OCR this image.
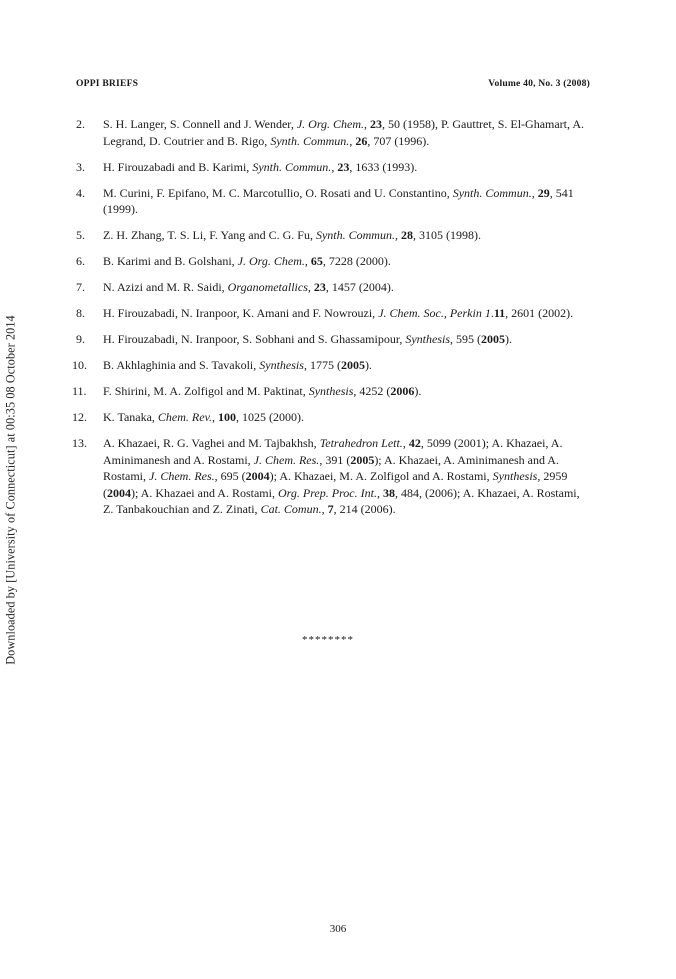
Downloaded by [University of Connecticut] at 00:35 08 October 2014
OPPI BRIEFS	Volume 40, No. 3 (2008)
2.	S. H. Langer, S. Connell and J. Wender, J. Org. Chem., 23, 50 (1958), P. Gauttret, S. El-Ghamart, A. Legrand, D. Coutrier and B. Rigo, Synth. Commun., 26, 707 (1996).
3.	H. Firouzabadi and B. Karimi, Synth. Commun., 23, 1633 (1993).
4.	M. Curini, F. Epifano, M. C. Marcotullio, O. Rosati and U. Constantino, Synth. Commun., 29, 541 (1999).
5.	Z. H. Zhang, T. S. Li, F. Yang and C. G. Fu, Synth. Commun., 28, 3105 (1998).
6.	B. Karimi and B. Golshani, J. Org. Chem., 65, 7228 (2000).
7.	N. Azizi and M. R. Saidi, Organometallics, 23, 1457 (2004).
8.	H. Firouzabadi, N. Iranpoor, K. Amani and F. Nowrouzi, J. Chem. Soc., Perkin 1.11, 2601 (2002).
9.	H. Firouzabadi, N. Iranpoor, S. Sobhani and S. Ghassamipour, Synthesis, 595 (2005).
10.	B. Akhlaghinia and S. Tavakoli, Synthesis, 1775 (2005).
11.	F. Shirini, M. A. Zolfigol and M. Paktinat, Synthesis, 4252 (2006).
12.	K. Tanaka, Chem. Rev., 100, 1025 (2000).
13.	A. Khazaei, R. G. Vaghei and M. Tajbakhsh, Tetrahedron Lett., 42, 5099 (2001); A. Khazaei, A. Aminimanesh and A. Rostami, J. Chem. Res., 391 (2005); A. Khazaei, A. Aminimanesh and A. Rostami, J. Chem. Res., 695 (2004); A. Khazaei, M. A. Zolfigol and A. Rostami, Synthesis, 2959 (2004); A. Khazaei and A. Rostami, Org. Prep. Proc. Int., 38, 484, (2006); A. Khazaei, A. Rostami, Z. Tanbakouchian and Z. Zinati, Cat. Comun., 7, 214 (2006).
********
306
